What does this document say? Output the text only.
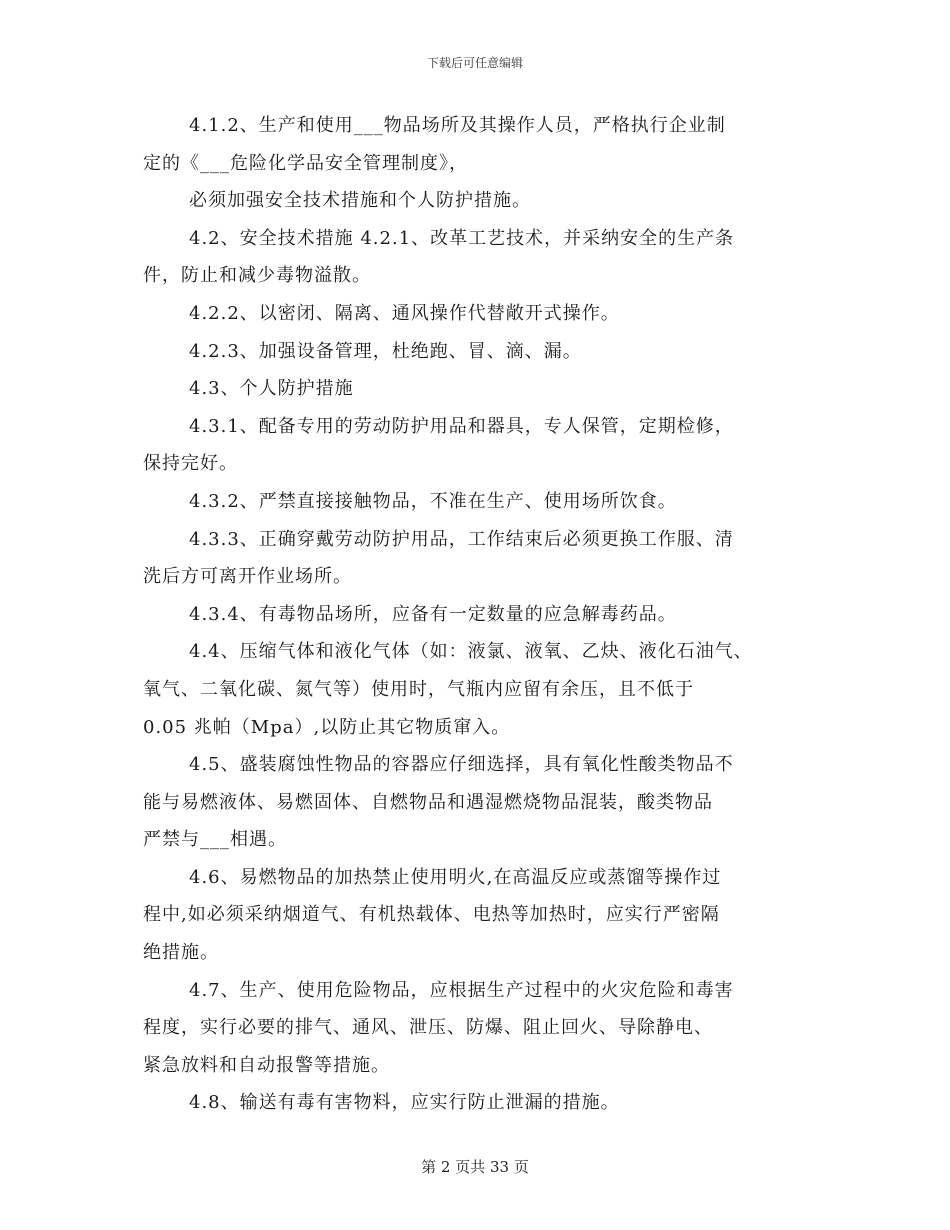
下载后可任意编辑

4.1.2、生产和使用___物品场所及其操作人员，严格执行企业制

定的《___危险化学品安全管理制度》，

必须加强安全技术措施和个人防护措施。

4.2、安全技术措施 4.2.1、改革工艺技术，并采纳安全的生产条

件，防止和减少毒物溢散。

4.2.2、以密闭、隔离、通风操作代替敞开式操作。

4.2.3、加强设备管理，杜绝跑、冒、滴、漏。

4.3、个人防护措施

4.3.1、配备专用的劳动防护用品和器具，专人保管，定期检修，

保持完好。

4.3.2、严禁直接接触物品，不准在生产、使用场所饮食。

4.3.3、正确穿戴劳动防护用品，工作结束后必须更换工作服、清

洗后方可离开作业场所。

4.3.4、有毒物品场所，应备有一定数量的应急解毒药品。

4.4、压缩气体和液化气体（如：液氯、液氧、乙炔、液化石油气、

氧气、二氧化碳、氮气等）使用时，气瓶内应留有余压，且不低于

0.05 兆帕（Mpa）,以防止其它物质窜入。

4.5、盛装腐蚀性物品的容器应仔细选择，具有氧化性酸类物品不

能与易燃液体、易燃固体、自燃物品和遇湿燃烧物品混装，酸类物品

严禁与___相遇。

4.6、易燃物品的加热禁止使用明火,在高温反应或蒸馏等操作过

程中,如必须采纳烟道气、有机热载体、电热等加热时，应实行严密隔

绝措施。

4.7、生产、使用危险物品，应根据生产过程中的火灾危险和毒害

程度，实行必要的排气、通风、泄压、防爆、阻止回火、导除静电、

紧急放料和自动报警等措施。

4.8、输送有毒有害物料，应实行防止泄漏的措施。

第 2 页共 33 页
